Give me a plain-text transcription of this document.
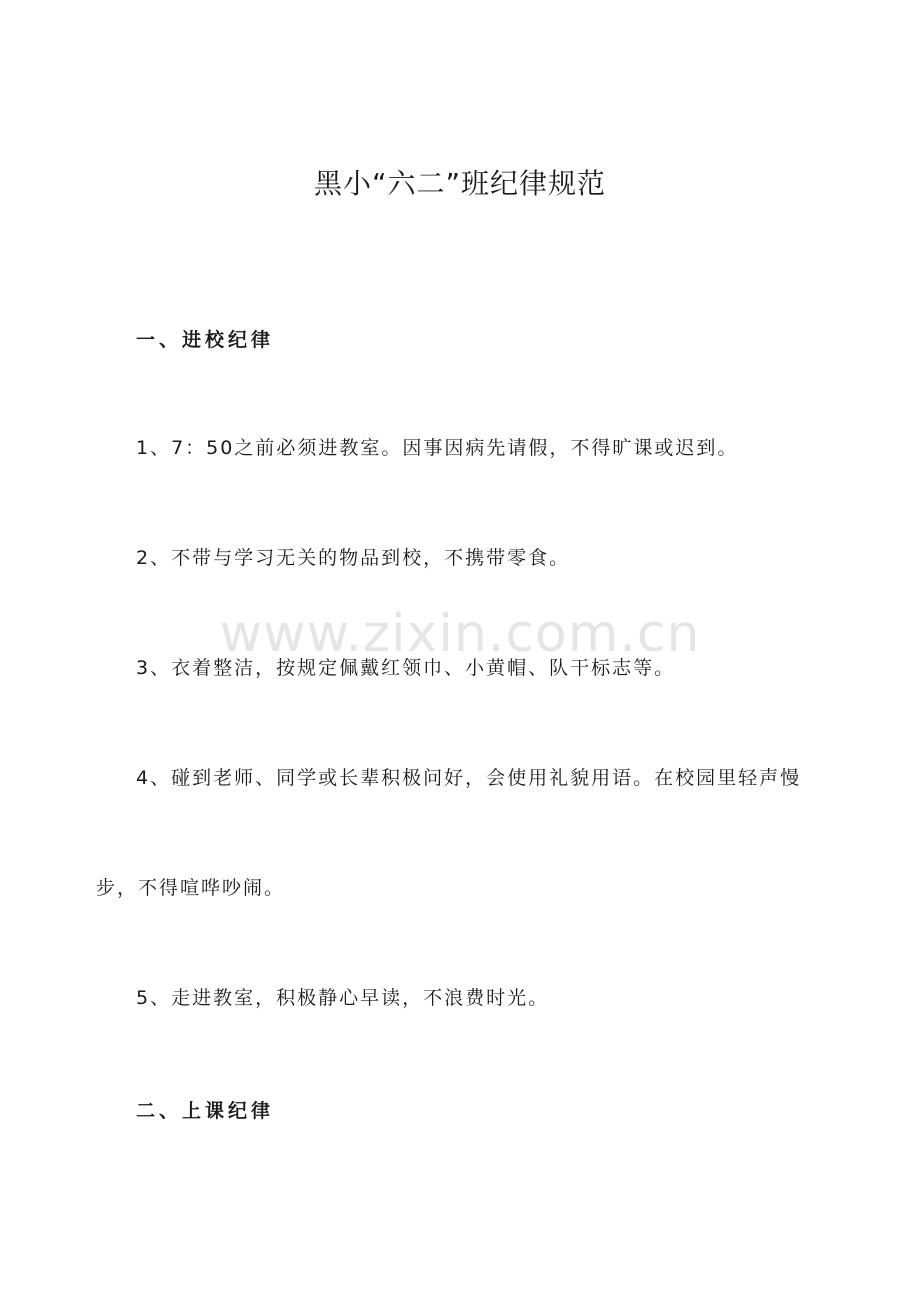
黑小“六二”班纪律规范
一、进校纪律
1、7：50之前必须进教室。因事因病先请假，不得旷课或迟到。
2、不带与学习无关的物品到校，不携带零食。
www.zixin.com.cn
3、衣着整洁，按规定佩戴红领巾、小黄帽、队干标志等。
4、碰到老师、同学或长辈积极问好，会使用礼貌用语。在校园里轻声慢
步，不得喧哗吵闹。
5、走进教室，积极静心早读，不浪费时光。
二、上课纪律
